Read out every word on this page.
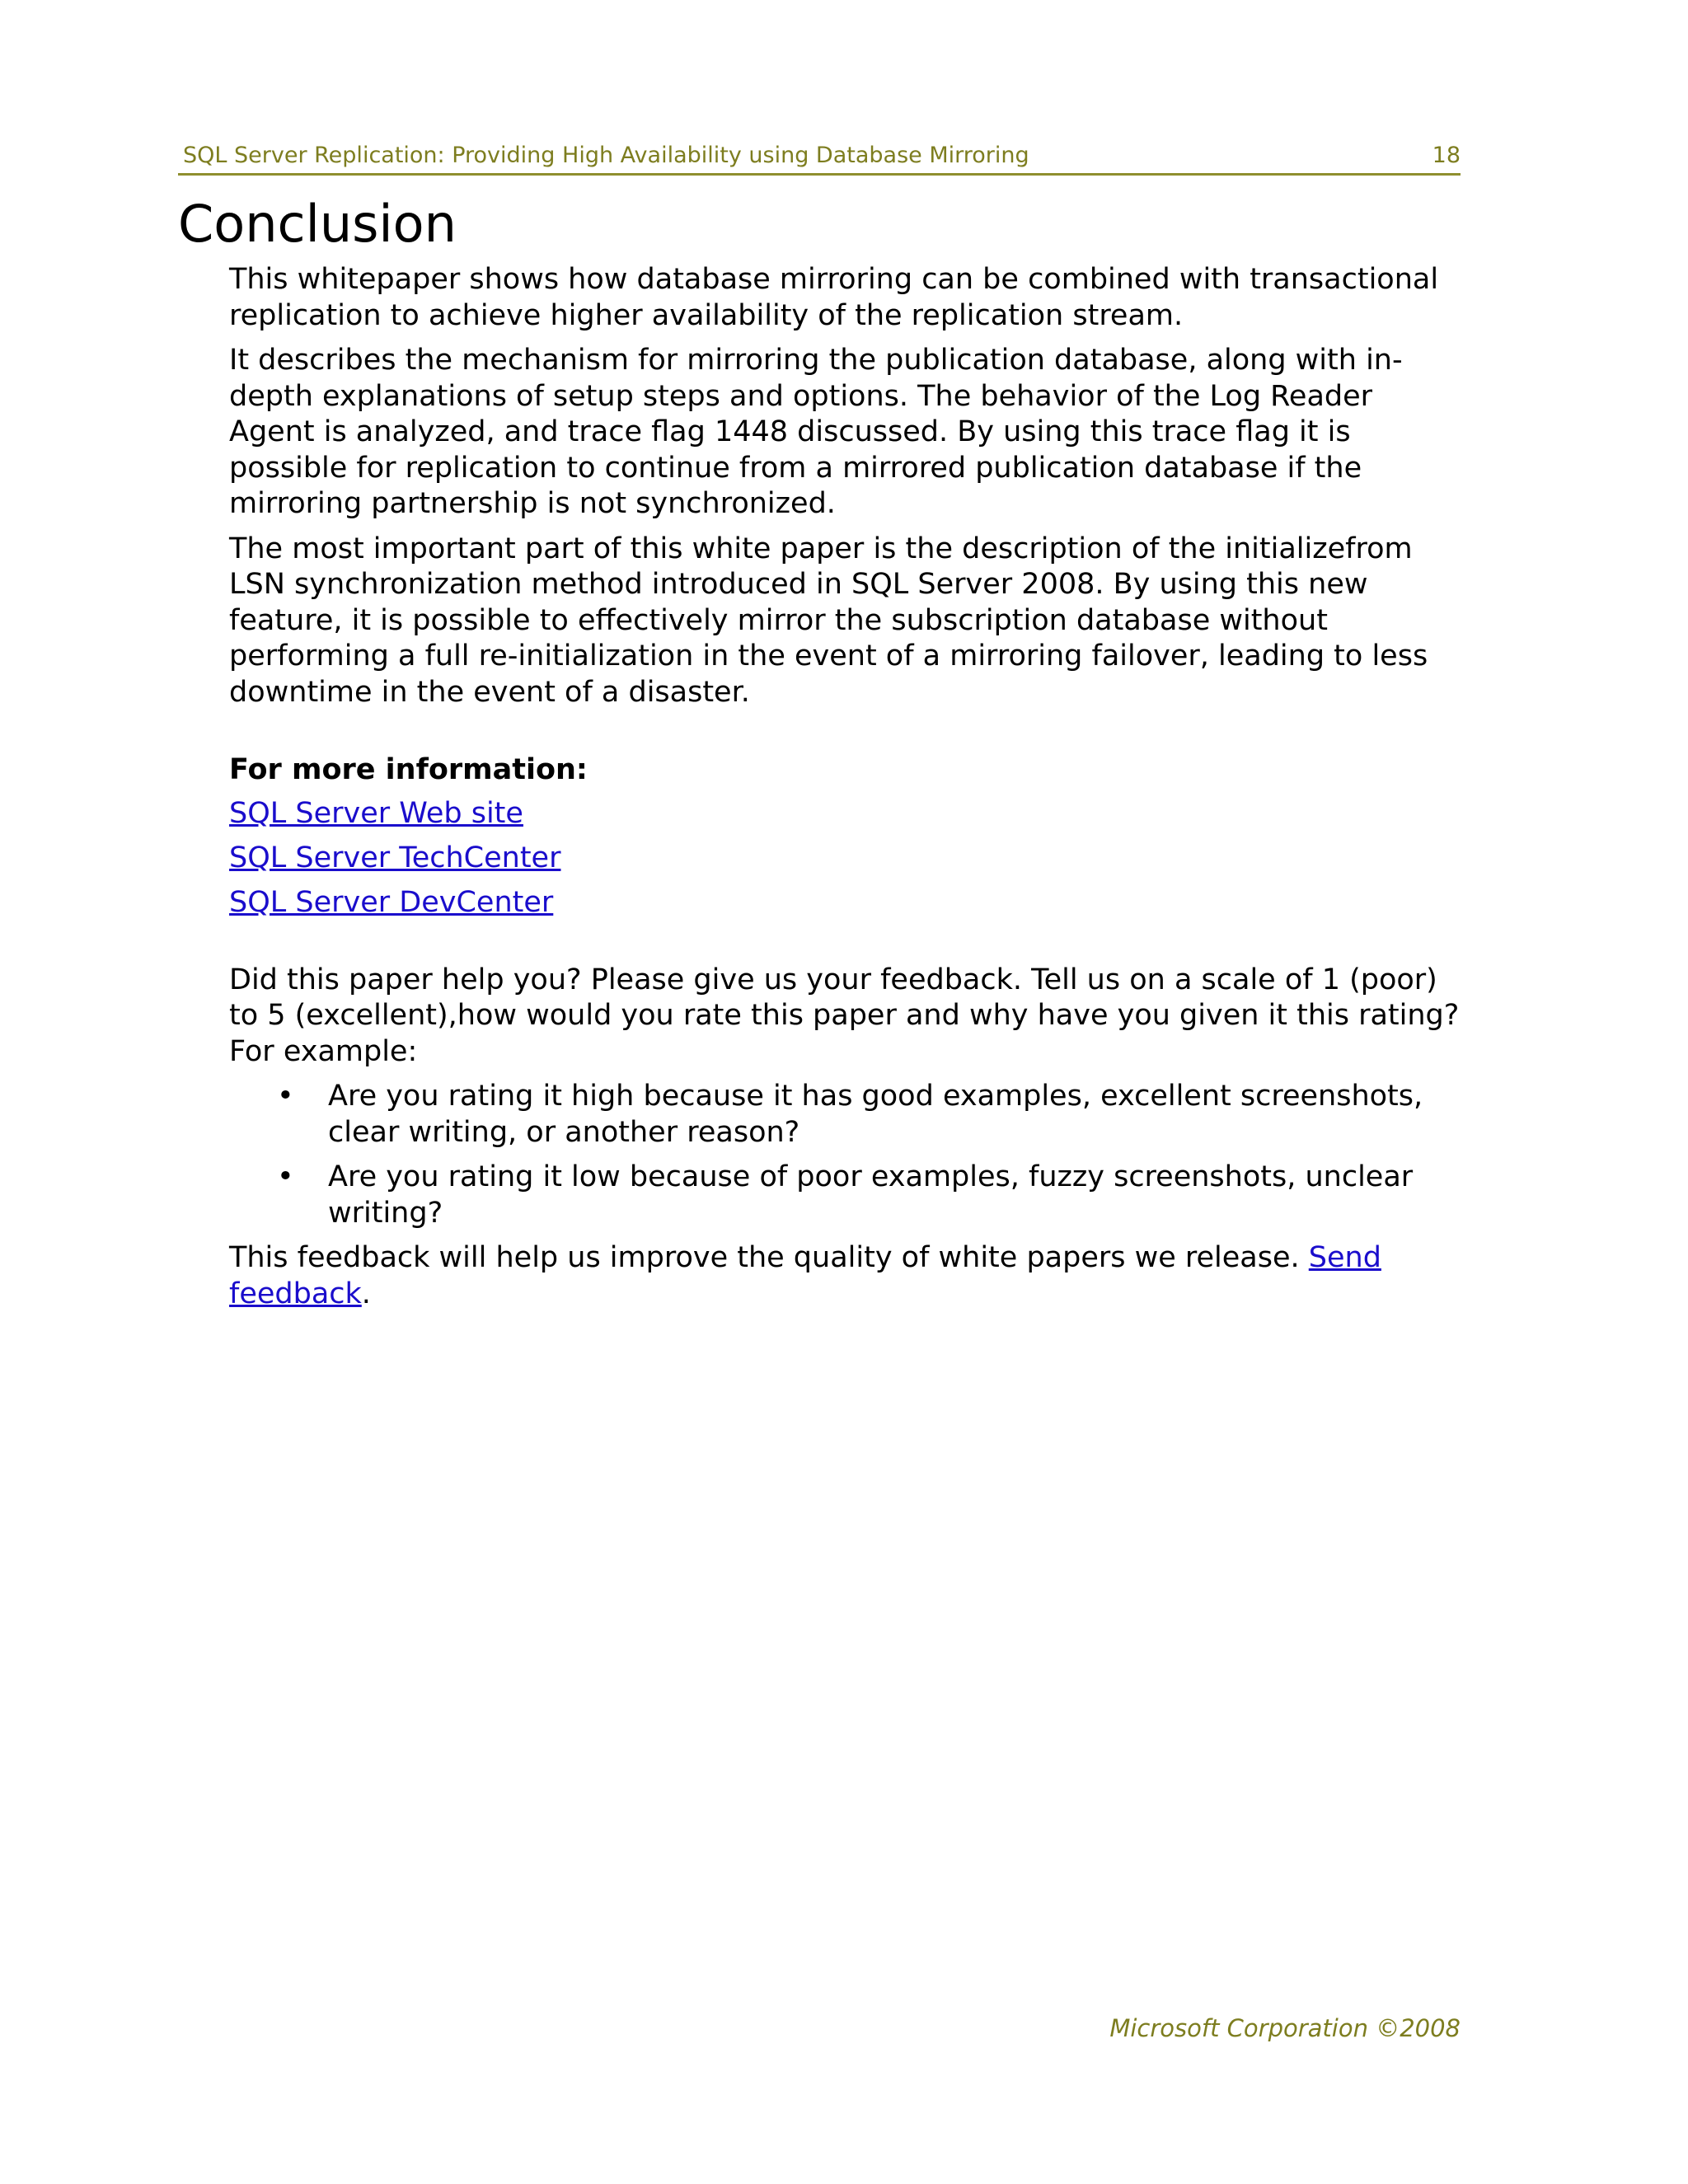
SQL Server Replication: Providing High Availability using Database Mirroring	18
Conclusion

This whitepaper shows how database mirroring can be combined with transactional replication to achieve higher availability of the replication stream.

It describes the mechanism for mirroring the publication database, along with in-depth explanations of setup steps and options. The behavior of the Log Reader Agent is analyzed, and trace flag 1448 discussed. By using this trace flag it is possible for replication to continue from a mirrored publication database if the mirroring partnership is not synchronized.

The most important part of this white paper is the description of the initializefrom LSN synchronization method introduced in SQL Server 2008. By using this new feature, it is possible to effectively mirror the subscription database without performing a full re-initialization in the event of a mirroring failover, leading to less downtime in the event of a disaster.

For more information:
SQL Server Web site
SQL Server TechCenter
SQL Server DevCenter

Did this paper help you? Please give us your feedback. Tell us on a scale of 1 (poor) to 5 (excellent),how would you rate this paper and why have you given it this rating? For example:

• Are you rating it high because it has good examples, excellent screenshots, clear writing, or another reason?
• Are you rating it low because of poor examples, fuzzy screenshots, unclear writing?

This feedback will help us improve the quality of white papers we release. Send feedback.

Microsoft Corporation ©2008
